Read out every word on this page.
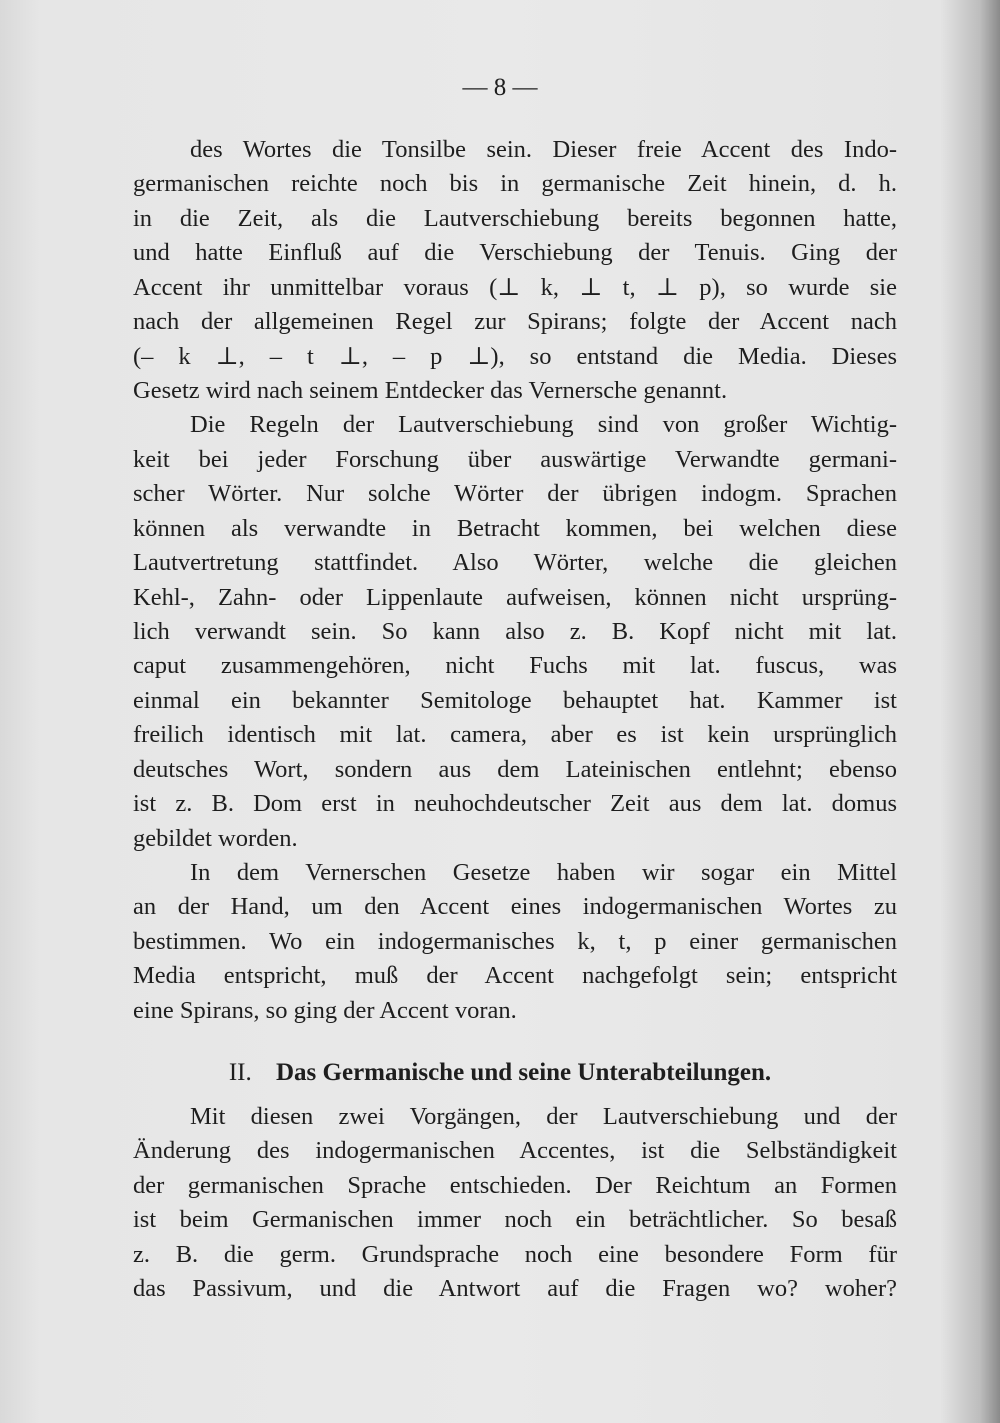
— 8 —
des Wortes die Tonsilbe sein. Dieser freie Accent des Indo-
germanischen reichte noch bis in germanische Zeit hinein, d. h.
in die Zeit, als die Lautverschiebung bereits begonnen hatte,
und hatte Einfluß auf die Verschiebung der Tenuis. Ging der
Accent ihr unmittelbar voraus (⊥ k, ⊥ t, ⊥ p), so wurde sie
nach der allgemeinen Regel zur Spirans; folgte der Accent nach
(– k ⊥, – t ⊥, – p ⊥), so entstand die Media. Dieses
Gesetz wird nach seinem Entdecker das Vernersche genannt.
Die Regeln der Lautverschiebung sind von großer Wichtig-
keit bei jeder Forschung über auswärtige Verwandte germani-
scher Wörter. Nur solche Wörter der übrigen indogm. Sprachen
können als verwandte in Betracht kommen, bei welchen diese
Lautvertretung stattfindet. Also Wörter, welche die gleichen
Kehl-, Zahn- oder Lippenlaute aufweisen, können nicht ursprüng-
lich verwandt sein. So kann also z. B. Kopf nicht mit lat.
caput zusammengehören, nicht Fuchs mit lat. fuscus, was
einmal ein bekannter Semitologe behauptet hat. Kammer ist
freilich identisch mit lat. camera, aber es ist kein ursprünglich
deutsches Wort, sondern aus dem Lateinischen entlehnt; ebenso
ist z. B. Dom erst in neuhochdeutscher Zeit aus dem lat. domus
gebildet worden.
In dem Vernerschen Gesetze haben wir sogar ein Mittel
an der Hand, um den Accent eines indogermanischen Wortes zu
bestimmen. Wo ein indogermanisches k, t, p einer germanischen
Media entspricht, muß der Accent nachgefolgt sein; entspricht
eine Spirans, so ging der Accent voran.
II. Das Germanische und seine Unterabteilungen.
Mit diesen zwei Vorgängen, der Lautverschiebung und der
Änderung des indogermanischen Accentes, ist die Selbständigkeit
der germanischen Sprache entschieden. Der Reichtum an Formen
ist beim Germanischen immer noch ein beträchtlicher. So besaß
z. B. die germ. Grundsprache noch eine besondere Form für
das Passivum, und die Antwort auf die Fragen wo? woher?
